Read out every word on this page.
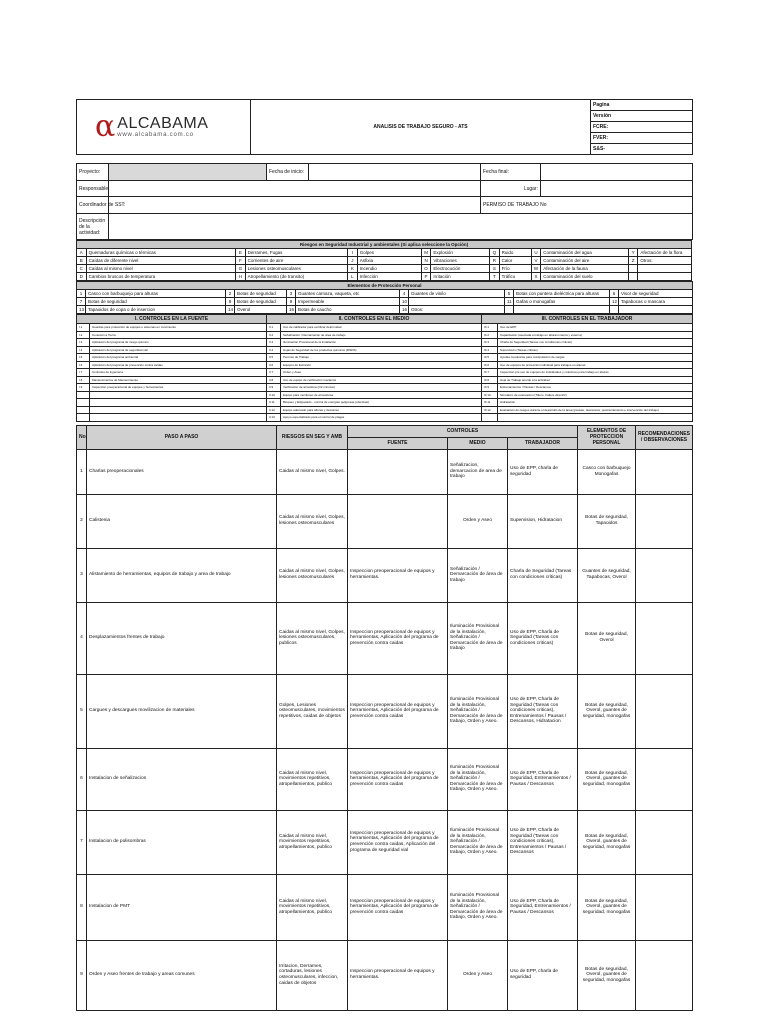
α ALCABAMA
www.alcabama.com.co
	ANALISIS DE TRABAJO SEGURO - ATS	Pagina
Versión
FCRE:
FVER:
S&S-
Proyecto:		Fecha de inicio:		Fecha final:	
Responsable:				Lugar:	
Coordinador de SST:				PERMISO DE TRABAJO No	
Descripción de la actividad:					
Riesgos en Seguridad Industrial y ambientales (Si aplica seleccione la Opción)													
A	Quemaduras químicas o térmicas	E	Derrames, Fugas	I	Golpes	M	Explosión	Q	Ruido	U	Contaminación del agua	Y	Afectación de la flora
B	Caídas de diferente nivel	F	Corrientes de aire	J	Asfixia	N	Vibraciones	R	Calor	V	Contaminación del aire	Z	Otros:
C	Caídas al mismo nivel	G	Lesiones osteomusculares	K	Incendio	O	Electrocución	S	Frío	W	Afectación de la fauna		
D	Cambios bruscos de temperatura	H	Atropellamiento (de transito)	L	Infección	P	Irritación	T	Tráfico	X	Contaminación del suelo		
Elementos de Protección Personal											
1	Casco con barbuquejo para alturas	2	Botas de seguridad	3	Guantes carnaza, vaqueta, etc	4	Guantes de vinilo	5	Botas con puntera dieléctrica para alturas	6	Visor de seguridad
7	Botas de seguridad	8	Botas de seguridad	9	Impermeable	10		11	Gafas o monogafas	12	Tapabocas o mascara
13	Tapaoidos de copa o de insercion	14	Overol	15	Botas de caucho	16	Otros:				
I. CONTROLES EN LA FUENTE		II. CONTROLES EN EL MEDIO		III. CONTROLES EN EL TRABAJADOR	
I.1	Guardas para protección de equipos o sistemas en movimiento	II.1	Uso de calibrador para certificar deformidad	III.1	Uso de EPP
I.2	Conexión a Tierra	II.2	Señalización / Demarcación de área de trabajo	III.2	Capacitación (asociada a trabajo en alturas interna y externa)
I.3	Aplicación del programa de riesgo químico	II.3	Iluminación Provisional de la instalación	III.3	Charla de Seguridad (Tareas con condiciones criticas)
I.4	Aplicación del programa de seguridad vial	II.4	Hojas de Seguridad de los productos químicos (MSDS)	III.4	Supervisión (Tareas criticas)
I.5	Aplicación del programa ambiental	II.5	Permiso de Trabajo	III.5	Ayudas mecánicas para manipulación de cargas
I.6	Aplicación del programa de prevención contra caídas	II.6	Equipos de Extinción	III.6	Uso de equipos de protección individual para trabajos en alturas
I.7	Controles de ingeniería	II.7	Orden y Aseo	III.7	Inspección pre uso de equipos de individuales y colectivos para trabajo en alturas
I.8	Mantenimientos de Mantenimiento	II.8	Uso de equipo de cerificación mecánica	III.8	Hoja de Trabajo acorde a la actividad
I.9	Inspección preoperacional de equipos y herramientas	II.9	Verificación de atmósfera (O2 minutos)	III.9	Entrenamientos / Pausas / Descansos
		II.10	Equipo para monitoreo de atmosferas	III.10	Simulacro de evacuación (Tiltero, Fallere directriz)
		II.11	Bloqueo y Etiquetado - control de energías peligrosas (efectivas)	III.11	Hidratación
		II.12	Equipo adecuado para alturas y descanso	III.12	Evaluación de riesgos durante el desarrollo de la tarea (pausas, descansos, posicionamiento e intervención del trabajo)
		II.13	Apoyo especializado para el control de plagas		
No.	PASO A PASO	RIESGOS EN SEG Y AMB	CONTROLES			ELEMENTOS DE PROTECCION PERSONAL	RECOMENDACIONES / OBSERVACIONES
			FUENTE	MEDIO	TRABAJADOR		
1	Charlas preoperacionales	Caidas al mismo nivel, Golpes.		Señalizacion, demarcacion de area de trabajo	Uso de EPP, charla de seguridad	Casco con barbuquejo Monogafas	
2	Calistenia	Caidas al mismo nivel, Golpes, lesiones osteomusculares		Orden y Aseo	Supervision, Hidratacion	Botas de seguridad, Tapaoidos	
3	Alistamiento de herramientas, equipos de trabajo y area de trabajo	Caidas al mismo nivel, Golpes, lesiones osteomusculares	Inspeccion preoperacional de equipos y herramientas.	Señalización / Demarcación de área de trabajo	Charla de Seguridad (Tareas con condiciones criticas)	Guantes de seguridad, Tapabocas, Overol	
4	Desplazamientos frentes de trabajo	Caidas al mismo nivel, Golpes, lesiones osteomusculares, publicos	Inspeccion preoperacional de equipos y herramientas, Aplicación del programa de prevención contra caidas	Iluminación Provisional de la instalación, Señalización / Demarcación de área de trabajo	Uso de EPP, Charla de Seguridad (Tareas con condiciones criticas)	Botas de seguridad, Overol	
5	Cargues y descargues movilizacion de materiales	Golpes, Lesiones osteomusculares, movimientos repetitivos, caidas de objetos	Inspeccion preoperacional de equipos y herramientas, Aplicación del programa de prevención contra caidas	Iluminación Provisional de la instalación, Señalización / Demarcación de área de trabajo, Orden y Aseo.	Uso de EPP, Charla de Seguridad (Tareas con condiciones criticas), Entrenamientos / Pausas / Descansos, Hidratacion	Botas de seguridad, Overol, guantes de seguridad, monogafas	
6	Instalacion de señalizacion	Caidas al mismo nivel, movimientos repetitivos, atropellamientos, publico	Inspeccion preoperacional de equipos y herramientas, Aplicación del programa de prevención contra caidas	Iluminación Provisional de la instalación, Señalización / Demarcación de área de trabajo, Orden y Aseo.	Uso de EPP, Charla de Seguridad, Entrenamientos / Pausas / Descansos	Botas de seguridad, Overol, guantes de seguridad, monogafas	
7	Instalacion de polisombras	Caidas al mismo nivel, movimientos repetitivos, atropellamientos, publico	Inspeccion preoperacional de equipos y herramientas, Aplicación del programa de prevención contra caidas, Aplicación del programa de seguridad vial	Iluminación Provisional de la instalación, Señalización / Demarcación de área de trabajo, Orden y Aseo.	Uso de EPP, Charla de Seguridad (Tareas con condiciones criticas), Entrenamientos / Pausas / Descansos	Botas de seguridad, Overol, guantes de seguridad, monogafas	
8	Instalacion de PMT	Caidas al mismo nivel, movimientos repetitivos, atropellamientos, publico	Inspeccion preoperacional de equipos y herramientas, Aplicación del programa de prevención contra caidas	Iluminación Provisional de la instalación, Señalización / Demarcación de área de trabajo, Orden y Aseo.	Uso de EPP, Charla de Seguridad, Entrenamientos / Pausas / Descansos	Botas de seguridad, Overol, guantes de seguridad, monogafas	
9	Orden y Aseo frentes de trabajo y areas comunes	Irritacion, Derrames, cortaduras, lesiones osteomusculares, infeccion, caidas de objetos	Inspeccion preoperacional de equipos y herramientas.	Orden y Aseo	Uso de EPP, charla de seguridad	Botas de seguridad, Overol, guantes de seguridad, monogafas	
